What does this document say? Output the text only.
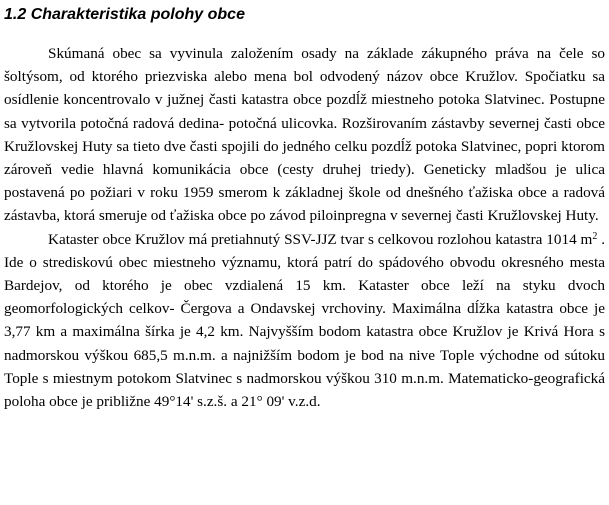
1.2 Charakteristika polohy obce

Skúmaná obec sa vyvinula založením osady na základe zákupného práva na čele so šoltýsom, od ktorého priezviska alebo mena bol odvodený názov obce Kružlov. Spočiatku sa osídlenie koncentrovalo v južnej časti katastra obce pozdĺž miestneho potoka Slatvinec. Postupne sa vytvorila potočná radová dedina- potočná ulicovka. Rozširovaním zástavby severnej časti obce Kružlovskej Huty sa tieto dve časti spojili do jedného celku pozdĺž potoka Slatvinec, popri ktorom zároveň vedie hlavná komunikácia obce (cesty druhej triedy). Geneticky mladšou je ulica postavená po požiari v roku 1959 smerom k základnej škole od dnešného ťažiska obce a radová zástavba, ktorá smeruje od ťažiska obce po závod piloinpregna v severnej časti Kružlovskej Huty.

Kataster obce Kružlov má pretiahnutý SSV-JJZ tvar s celkovou rozlohou katastra 1014 $m^2$ . Ide o strediskovú obec miestneho významu, ktorá patrí do spádového obvodu okresného mesta Bardejov, od ktorého je obec vzdialená 15 km. Kataster obce leží na styku dvoch geomorfologických celkov- Čergova a Ondavskej vrchoviny. Maximálna dĺžka katastra obce je 3,77 km a maximálna šírka je 4,2 km. Najvyšším bodom katastra obce Kružlov je Krivá Hora s nadmorskou výškou 685,5 m.n.m. a najnižším bodom je bod na nive Tople východne od sútoku Tople s miestnym potokom Slatvinec s nadmorskou výškou 310 m.n.m. Matematicko-geografická poloha obce je približne 49°14' s.z.š. a 21° 09' v.z.d.
